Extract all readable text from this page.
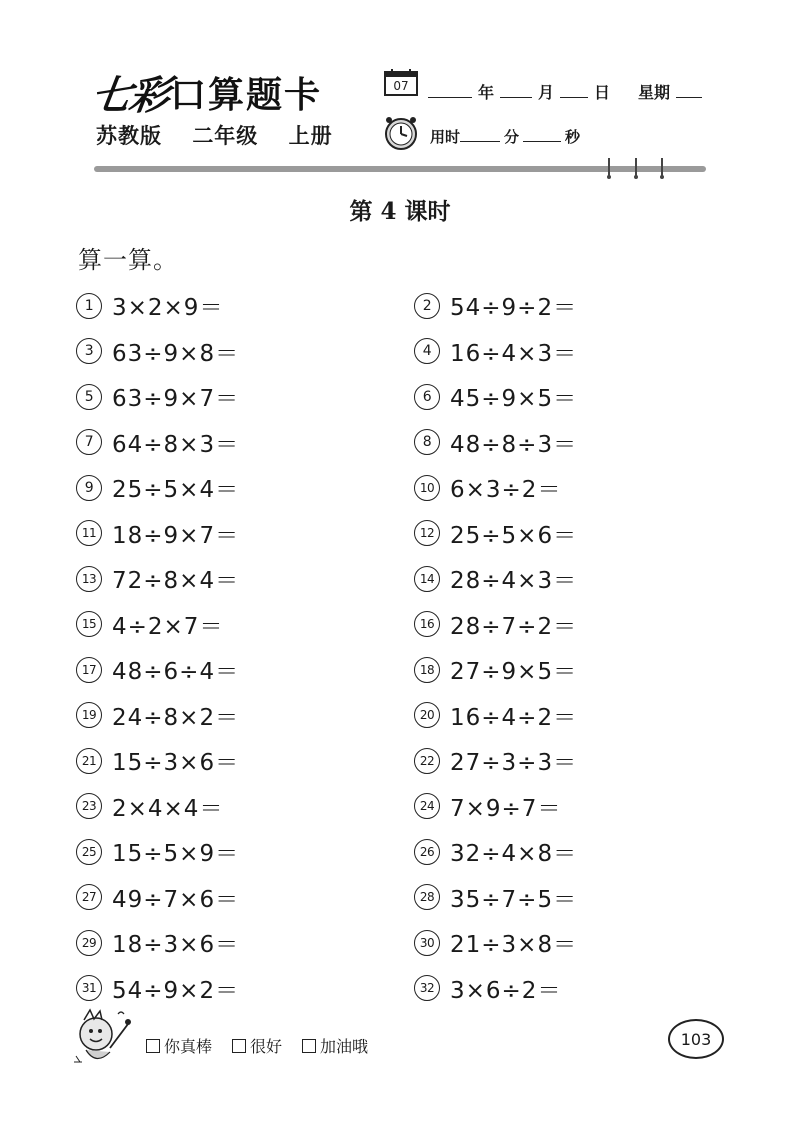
七彩 口算题卡
苏教版 二年级 上册
07	年	月	日 星期
用时	分	秒
第 4 课时
算一算。
1 3×2×9＝	2 54÷9÷2＝
3 63÷9×8＝	4 16÷4×3＝
5 63÷9×7＝	6 45÷9×5＝
7 64÷8×3＝	8 48÷8÷3＝
9 25÷5×4＝	10 6×3÷2＝
11 18÷9×7＝	12 25÷5×6＝
13 72÷8×4＝	14 28÷4×3＝
15 4÷2×7＝	16 28÷7÷2＝
17 48÷6÷4＝	18 27÷9×5＝
19 24÷8×2＝	20 16÷4÷2＝
21 15÷3×6＝	22 27÷3÷3＝
23 2×4×4＝	24 7×9÷7＝
25 15÷5×9＝	26 32÷4×8＝
27 49÷7×6＝	28 35÷7÷5＝
29 18÷3×6＝	30 21÷3×8＝
31 54÷9×2＝	32 3×6÷2＝
你真棒 很好 加油哦	103
